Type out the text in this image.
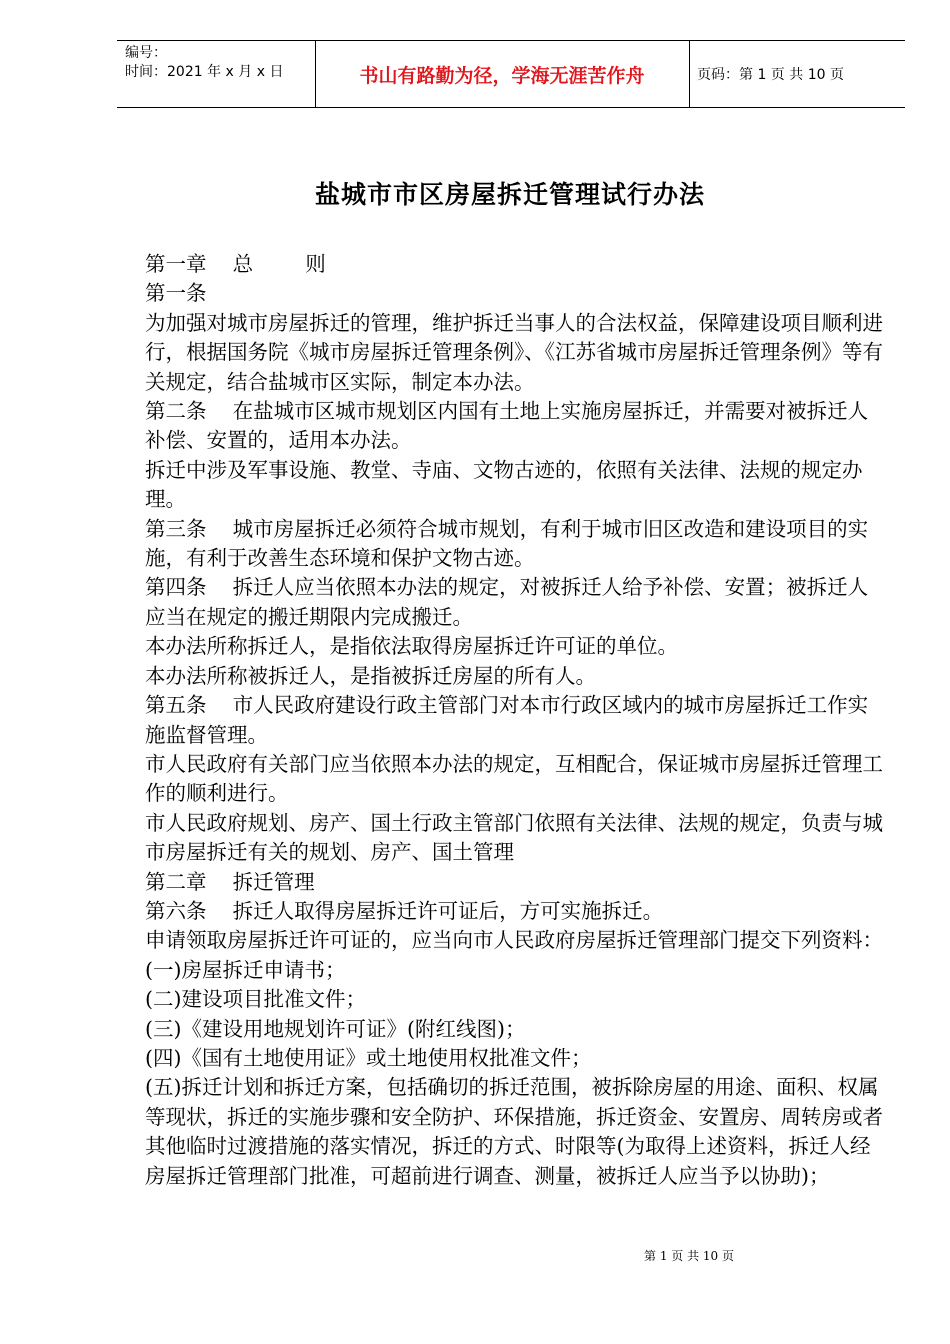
编号：
时间：2021 年 x 月 x 日	书山有路勤为径，学海无涯苦作舟	页码：第 1 页 共 10 页
盐城市市区房屋拆迁管理试行办法

第一章    总        则

第一条

为加强对城市房屋拆迁的管理，维护拆迁当事人的合法权益，保障建设项目顺利进行，根据国务院《城市房屋拆迁管理条例》、《江苏省城市房屋拆迁管理条例》等有关规定，结合盐城市区实际，制定本办法。

第二条    在盐城市区城市规划区内国有土地上实施房屋拆迁，并需要对被拆迁人补偿、安置的，适用本办法。

拆迁中涉及军事设施、教堂、寺庙、文物古迹的，依照有关法律、法规的规定办理。

第三条    城市房屋拆迁必须符合城市规划，有利于城市旧区改造和建设项目的实施，有利于改善生态环境和保护文物古迹。

第四条    拆迁人应当依照本办法的规定，对被拆迁人给予补偿、安置；被拆迁人应当在规定的搬迁期限内完成搬迁。

本办法所称拆迁人，是指依法取得房屋拆迁许可证的单位。

本办法所称被拆迁人，是指被拆迁房屋的所有人。

第五条    市人民政府建设行政主管部门对本市行政区域内的城市房屋拆迁工作实施监督管理。

市人民政府有关部门应当依照本办法的规定，互相配合，保证城市房屋拆迁管理工作的顺利进行。

市人民政府规划、房产、国土行政主管部门依照有关法律、法规的规定，负责与城市房屋拆迁有关的规划、房产、国土管理

第二章    拆迁管理

第六条    拆迁人取得房屋拆迁许可证后，方可实施拆迁。

申请领取房屋拆迁许可证的，应当向市人民政府房屋拆迁管理部门提交下列资料：

(一)房屋拆迁申请书；

(二)建设项目批准文件；

(三)《建设用地规划许可证》(附红线图)；

(四)《国有土地使用证》或土地使用权批准文件；

(五)拆迁计划和拆迁方案，包括确切的拆迁范围，被拆除房屋的用途、面积、权属等现状，拆迁的实施步骤和安全防护、环保措施，拆迁资金、安置房、周转房或者其他临时过渡措施的落实情况，拆迁的方式、时限等(为取得上述资料，拆迁人经房屋拆迁管理部门批准，可超前进行调查、测量，被拆迁人应当予以协助)；

第 1 页 共 10 页
